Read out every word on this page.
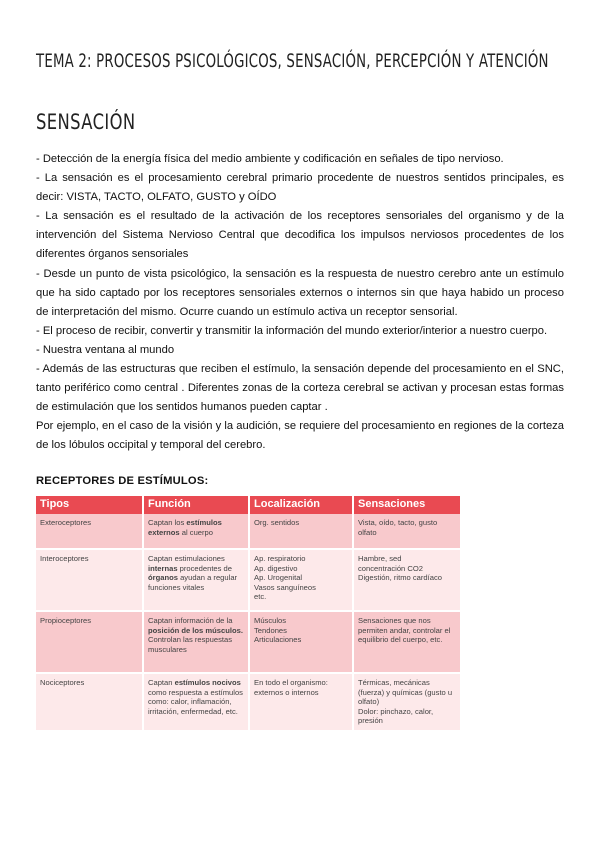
TEMA 2: PROCESOS PSICOLÓGICOS, SENSACIÓN, PERCEPCIÓN Y ATENCIÓN
SENSACIÓN

- Detección de la energía física del medio ambiente y codificación en señales de tipo nervioso.

- La sensación es el procesamiento cerebral primario procedente de nuestros sentidos principales, es decir: VISTA, TACTO, OLFATO, GUSTO y OÍDO

- La sensación es el resultado de la activación de los receptores sensoriales del organismo y de la intervención del Sistema Nervioso Central que decodifica los impulsos nerviosos procedentes de los diferentes órganos sensoriales

- Desde un punto de vista psicológico, la sensación es la respuesta de nuestro cerebro ante un estímulo que ha sido captado por los receptores sensoriales externos o internos sin que haya habido un proceso de interpretación del mismo. Ocurre cuando un estímulo activa un receptor sensorial.

- El proceso de recibir, convertir y transmitir la información del mundo exterior/interior a nuestro cuerpo.

- Nuestra ventana al mundo

- Además de las estructuras que reciben el estímulo, la sensación depende del procesamiento en el SNC, tanto periférico como central . Diferentes zonas de la corteza cerebral se activan y procesan estas formas de estimulación que los sentidos humanos pueden captar .

Por ejemplo, en el caso de la visión y la audición, se requiere del procesamiento en regiones de la corteza de los lóbulos occipital y temporal del cerebro.

RECEPTORES DE ESTÍMULOS:
Tipos	Función	Localización	Sensaciones
Exteroceptores	Captan los estímulos externos al cuerpo	Org. sentidos	Vista, oído, tacto, gusto olfato
Interoceptores	Captan estimulaciones internas procedentes de órganos ayudan a regular funciones vitales	Ap. respiratorio
Ap. digestivo
Ap. Urogenital
Vasos sanguíneos
etc.	Hambre, sed
concentración CO2
Digestión, ritmo cardíaco
Propioceptores	Captan información de la posición de los músculos. Controlan las respuestas musculares	Músculos
Tendones
Articulaciones	Sensaciones que nos permiten andar, controlar el equilibrio del cuerpo, etc.
Nociceptores	Captan estímulos nocivos como respuesta a estímulos como: calor, inflamación, irritación, enfermedad, etc.	En todo el organismo: externos o internos	Térmicas, mecánicas (fuerza) y químicas (gusto u olfato)
Dolor: pinchazo, calor, presión
